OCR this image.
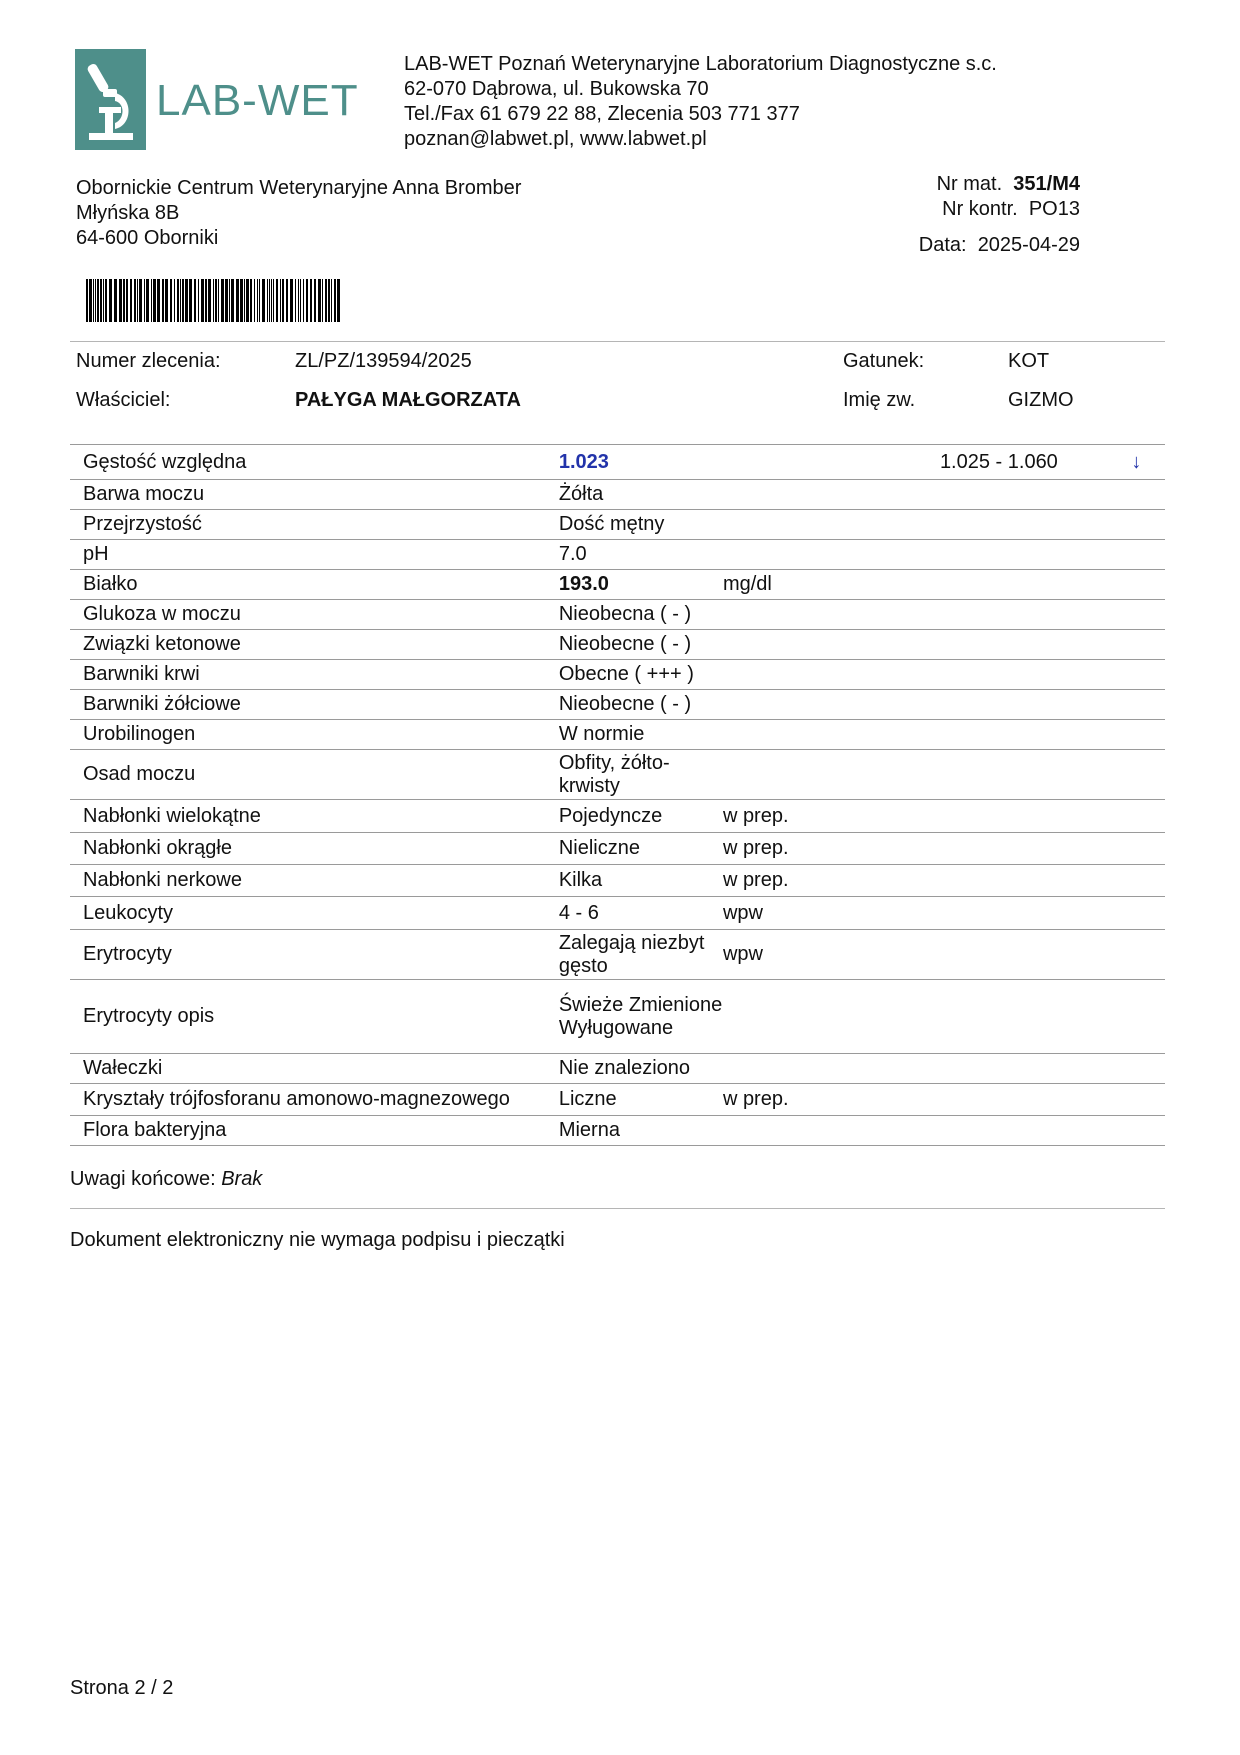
LAB-WET
LAB-WET Poznań Weterynaryjne Laboratorium Diagnostyczne s.c.
62-070 Dąbrowa, ul. Bukowska 70
Tel./Fax 61 679 22 88, Zlecenia 503 771 377
poznan@labwet.pl, www.labwet.pl
Obornickie Centrum Weterynaryjne Anna Bromber
Młyńska 8B
64-600 Oborniki
Nr mat. 351/M4
Nr kontr. PO13
Data: 2025-04-29
Numer zlecenia:	ZL/PZ/139594/2025	Gatunek:	KOT
Właściciel:	PAŁYGA MAŁGORZATA	Imię zw.	GIZMO
Gęstość względna	1.023		1.025 - 1.060	↓
Barwa moczu	Żółta			
Przejrzystość	Dość mętny			
pH	7.0			
Białko	193.0	mg/dl		
Glukoza w moczu	Nieobecna ( - )			
Związki ketonowe	Nieobecne ( - )			
Barwniki krwi	Obecne ( +++ )			
Barwniki żółciowe	Nieobecne ( - )			
Urobilinogen	W normie			
Osad moczu	Obfity, żółto-krwisty			
Nabłonki wielokątne	Pojedyncze	w prep.		
Nabłonki okrągłe	Nieliczne	w prep.		
Nabłonki nerkowe	Kilka	w prep.		
Leukocyty	4 - 6	wpw		
Erytrocyty	Zalegają niezbyt gęsto	wpw		
Erytrocyty opis	Świeże Zmienione Wyługowane			
Wałeczki	Nie znaleziono			
Kryształy trójfosforanu amonowo-magnezowego	Liczne	w prep.		
Flora bakteryjna	Mierna			
Uwagi końcowe: Brak
Dokument elektroniczny nie wymaga podpisu i pieczątki
Strona 2 / 2
